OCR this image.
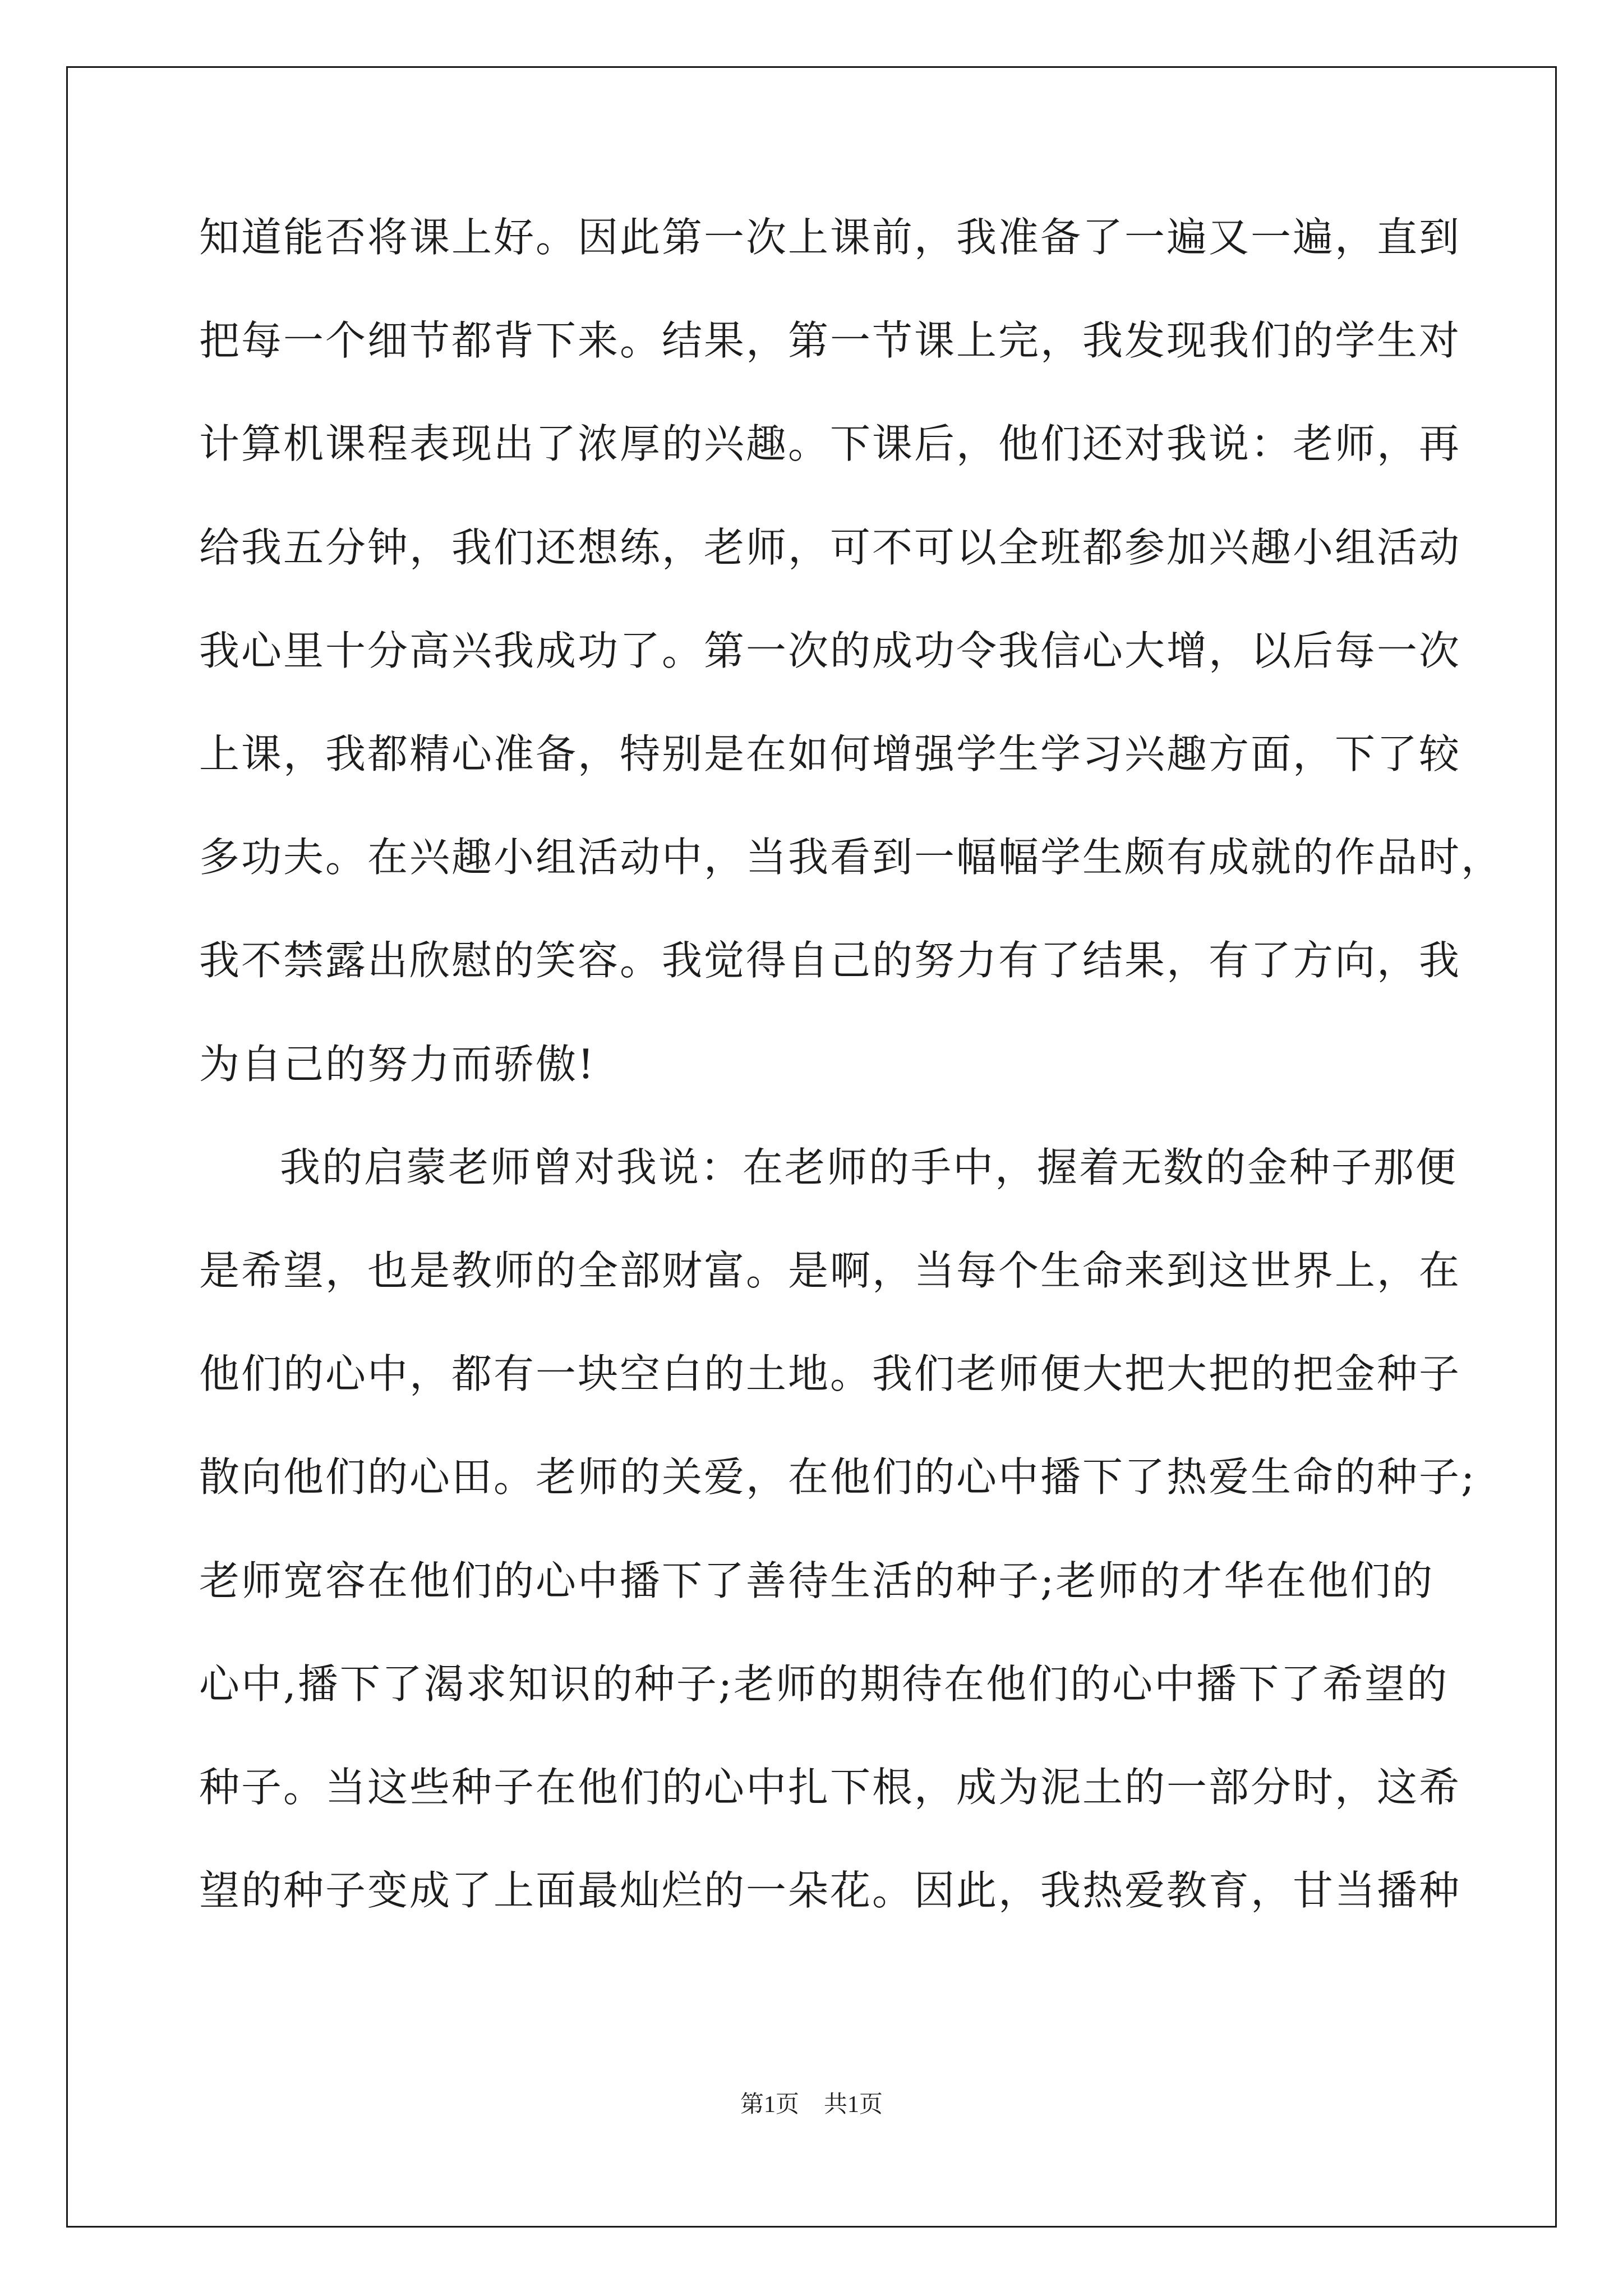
知道能否将课上好。因此第一次上课前，我准备了一遍又一遍，直到
把每一个细节都背下来。结果，第一节课上完，我发现我们的学生对
计算机课程表现出了浓厚的兴趣。下课后，他们还对我说：老师，再
给我五分钟，我们还想练，老师，可不可以全班都参加兴趣小组活动
我心里十分高兴我成功了。第一次的成功令我信心大增，以后每一次
上课，我都精心准备，特别是在如何增强学生学习兴趣方面，下了较
多功夫。在兴趣小组活动中，当我看到一幅幅学生颇有成就的作品时，
我不禁露出欣慰的笑容。我觉得自己的努力有了结果，有了方向，我
为自己的努力而骄傲!
我的启蒙老师曾对我说：在老师的手中，握着无数的金种子那便
是希望，也是教师的全部财富。是啊，当每个生命来到这世界上，在
他们的心中，都有一块空白的土地。我们老师便大把大把的把金种子
散向他们的心田。老师的关爱，在他们的心中播下了热爱生命的种子;
老师宽容在他们的心中播下了善待生活的种子;老师的才华在他们的
心中,播下了渴求知识的种子;老师的期待在他们的心中播下了希望的
种子。当这些种子在他们的心中扎下根，成为泥土的一部分时，这希
望的种子变成了上面最灿烂的一朵花。因此，我热爱教育，甘当播种
第1页 共1页
